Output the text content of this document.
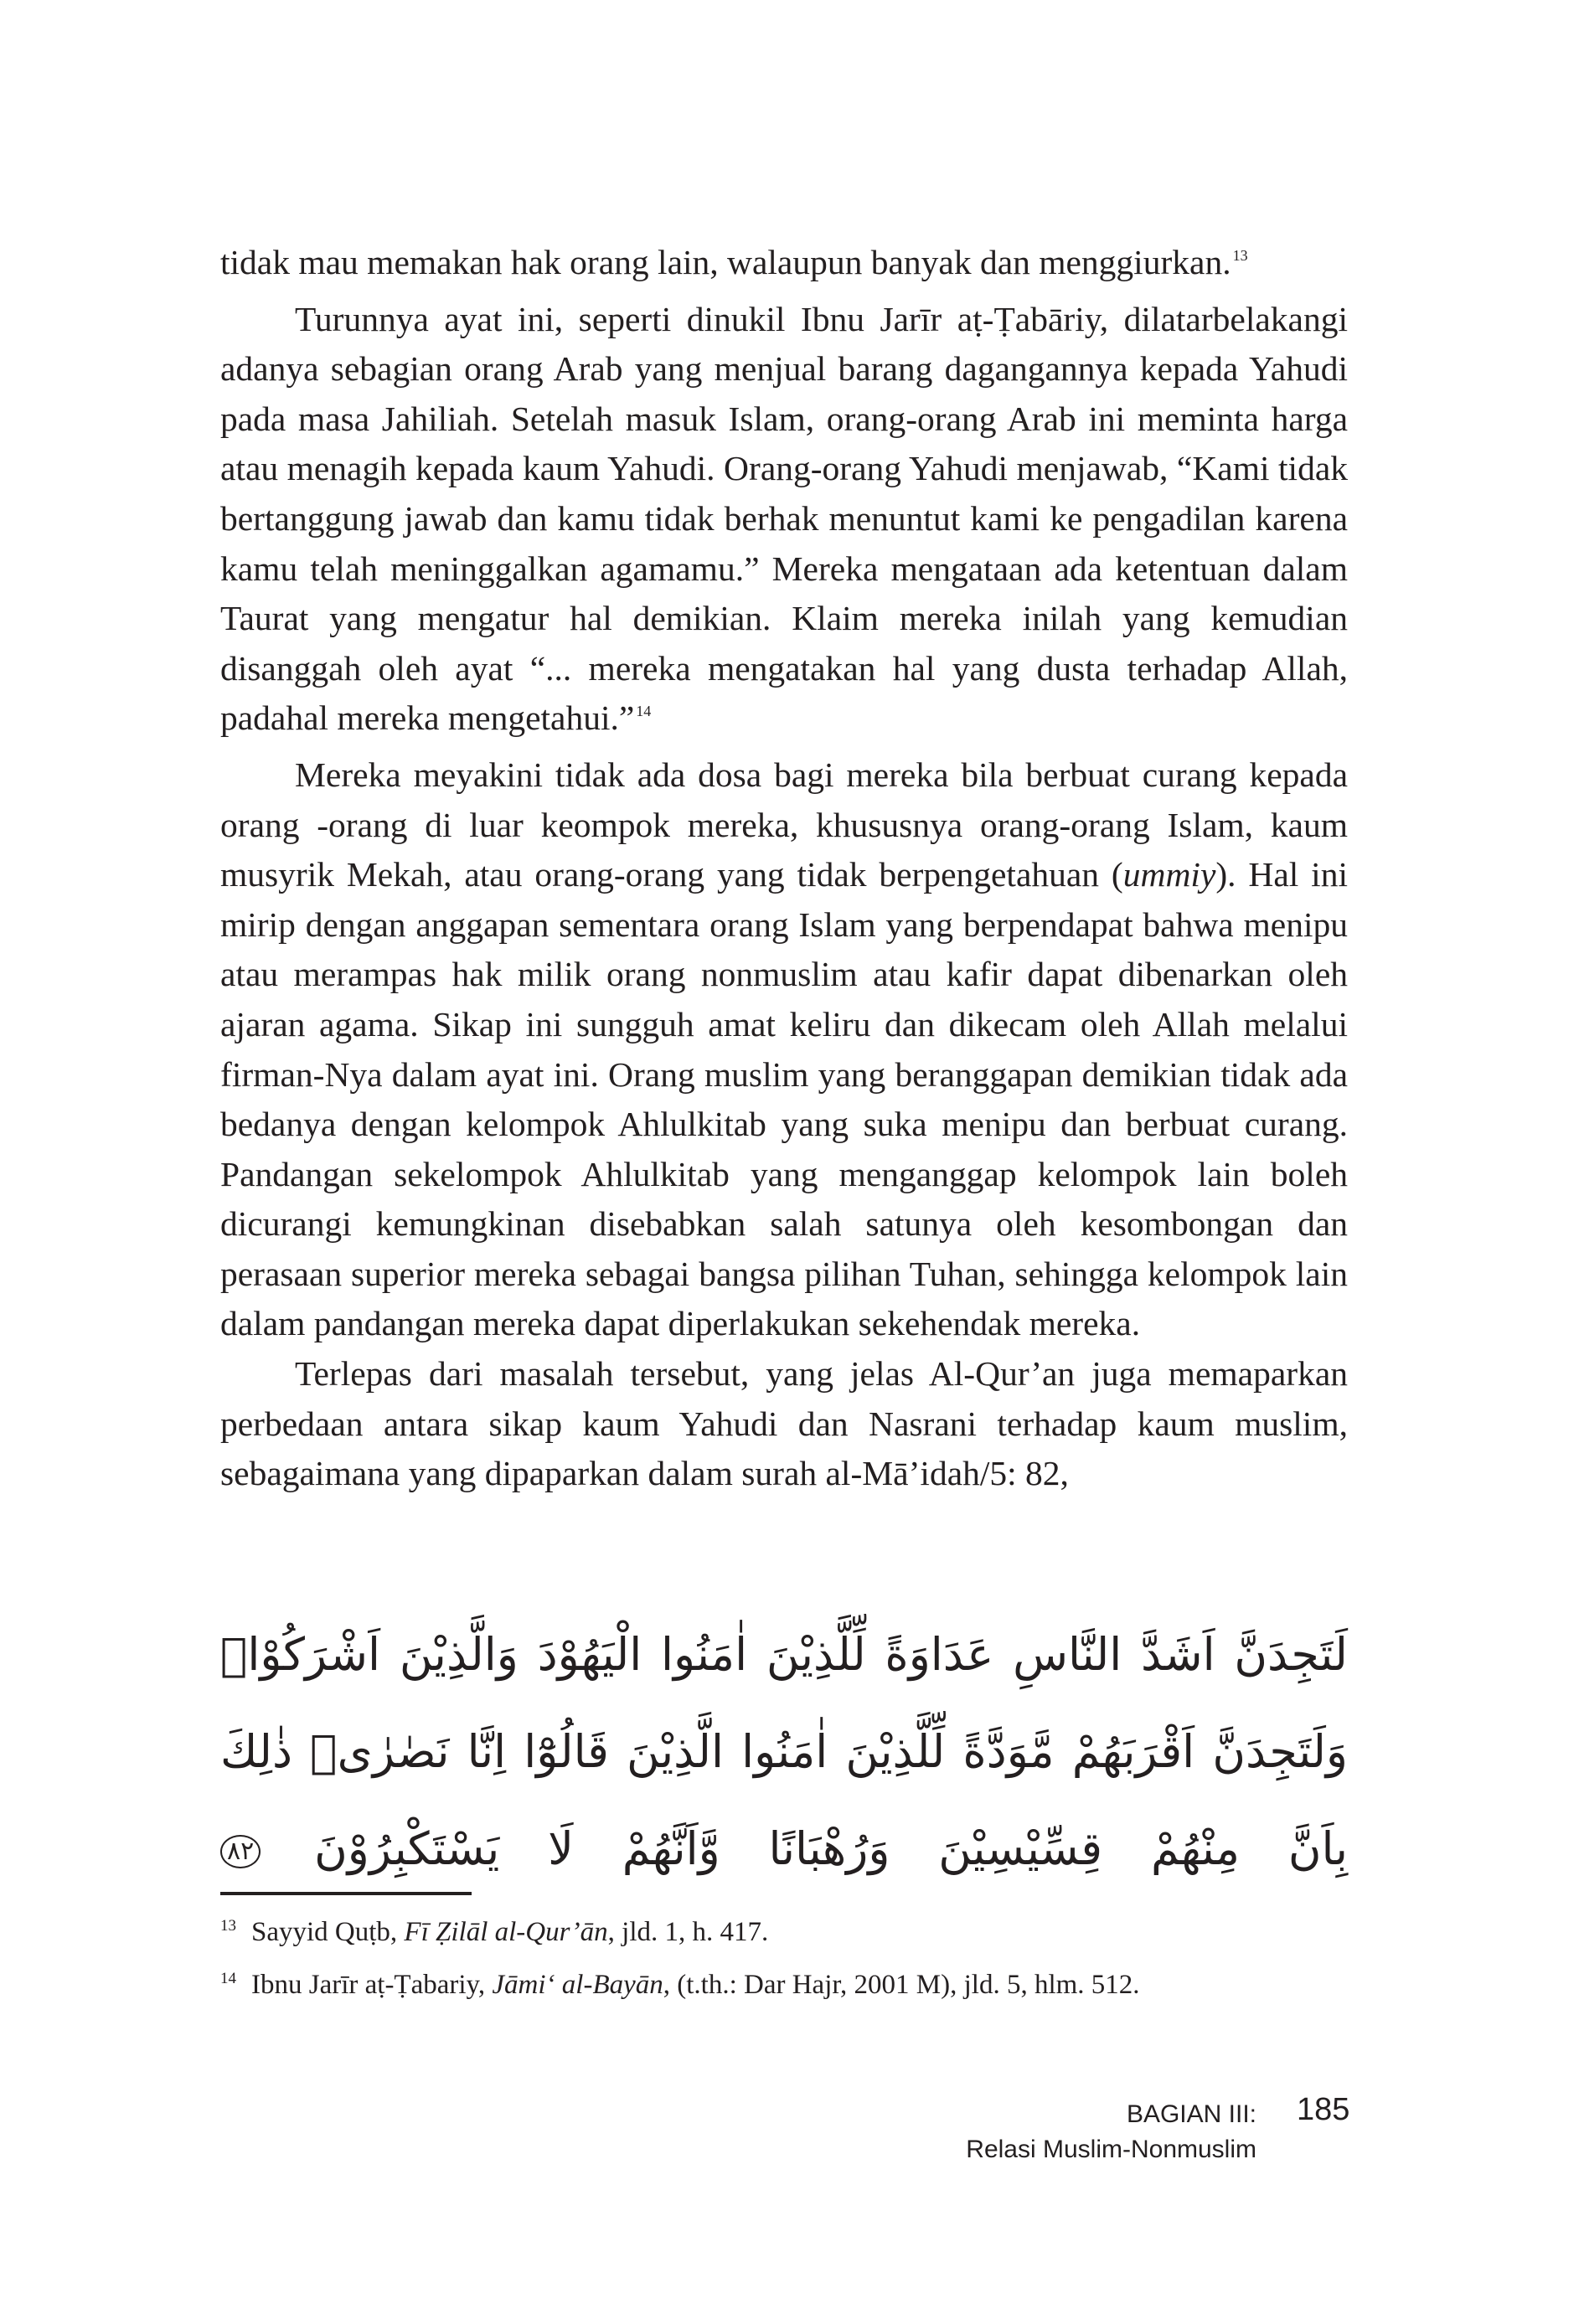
tidak mau memakan hak orang lain, walaupun banyak dan menggiurkan. $^{13}$

Turunnya ayat ini, seperti dinukil Ibnu Jarīr aṭ-Ṭabāriy, dilatarbelakangi adanya sebagian orang Arab yang menjual barang dagangannya kepada Yahudi pada masa Jahiliah. Setelah masuk Islam, orang-orang Arab ini meminta harga atau menagih kepada kaum Yahudi. Orang-orang Yahudi menjawab, “Kami tidak bertanggung jawab dan kamu tidak berhak menuntut kami ke pengadilan karena kamu telah meninggalkan agamamu.” Mereka mengataan ada ketentuan dalam Taurat yang mengatur hal demikian. Klaim mereka inilah yang kemudian disanggah oleh ayat “... mereka mengatakan hal yang dusta terhadap Allah, padahal mereka mengetahui.” $^{14}$

Mereka meyakini tidak ada dosa bagi mereka bila berbuat curang kepada orang -orang di luar keompok mereka, khususnya orang-orang Islam, kaum musyrik Mekah, atau orang-orang yang tidak berpengetahuan (ummiy). Hal ini mirip dengan anggapan sementara orang Islam yang berpendapat bahwa menipu atau merampas hak milik orang nonmuslim atau kafir dapat dibenarkan oleh ajaran agama. Sikap ini sungguh amat keliru dan dikecam oleh Allah melalui firman-Nya dalam ayat ini. Orang muslim yang beranggapan demikian tidak ada bedanya dengan kelompok Ahlulkitab yang suka menipu dan berbuat curang. Pandangan sekelompok Ahlulkitab yang menganggap kelompok lain boleh dicurangi kemungkinan disebabkan salah satunya oleh kesombongan dan perasaan superior mereka sebagai bangsa pilihan Tuhan, sehingga kelompok lain dalam pandangan mereka dapat diperlakukan sekehendak mereka.

Terlepas dari masalah tersebut, yang jelas Al-Qur’an juga memaparkan perbedaan antara sikap kaum Yahudi dan Nasrani terhadap kaum muslim, sebagaimana yang dipaparkan dalam surah al-Mā’idah/5: 82,

لَتَجِدَنَّ اَشَدَّ النَّاسِ عَدَاوَةً لِّلَّذِيْنَ اٰمَنُوا الْيَهُوْدَ وَالَّذِيْنَ اَشْرَكُوْاۚ وَلَتَجِدَنَّ اَقْرَبَهُمْ مَّوَدَّةً لِّلَّذِيْنَ اٰمَنُوا الَّذِيْنَ قَالُوْٓا اِنَّا نَصٰرٰىۗ ذٰلِكَ بِاَنَّ مِنْهُمْ قِسِّيْسِيْنَ وَرُهْبَانًا وَّاَنَّهُمْ لَا يَسْتَكْبِرُوْنَ ٨٢

$^{13}$ Sayyid Quṭb, Fī Ẓilāl al-Qur’ān, jld. 1, h. 417.

$^{14}$ Ibnu Jarīr aṭ-Ṭabariy, Jāmi‘ al-Bayān, (t.th.: Dar Hajr, 2001 M), jld. 5, hlm. 512.

BAGIAN III:
Relasi Muslim-Nonmuslim
185
